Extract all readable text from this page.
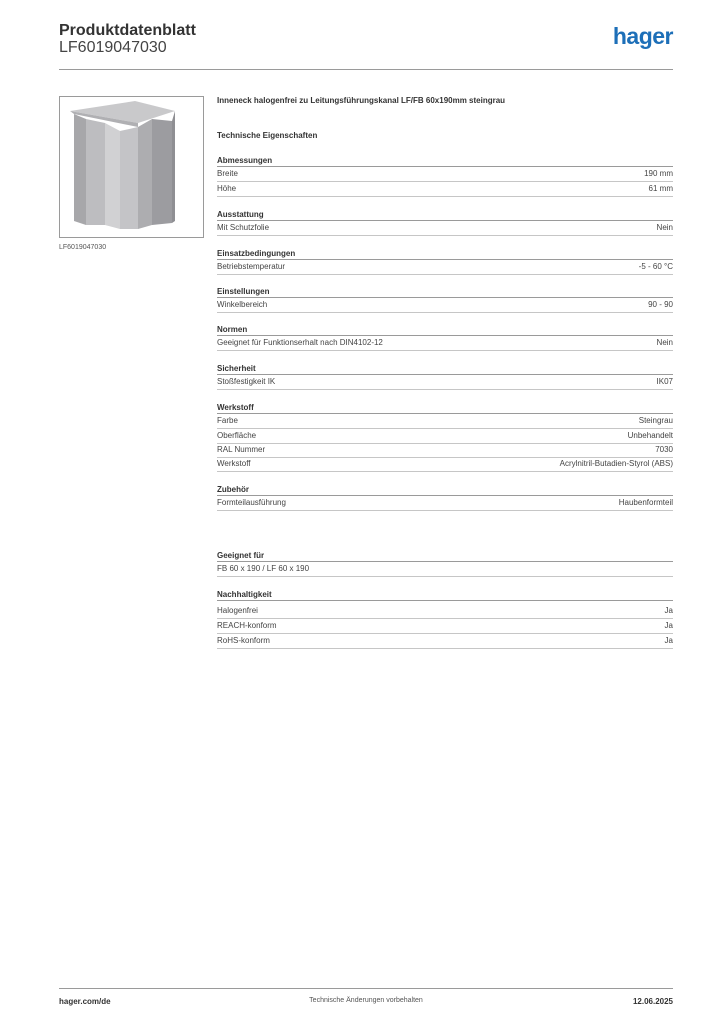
Produktdatenblatt
LF6019047030	hager
LF6019047030
Inneneck halogenfrei zu Leitungsführungskanal LF/FB 60x190mm steingrau
Technische Eigenschaften
Abmessungen
Breite	190 mm
Höhe	61 mm
Ausstattung
Mit Schutzfolie	Nein
Einsatzbedingungen
Betriebstemperatur	-5 - 60 °C
Einstellungen
Winkelbereich	90 - 90
Normen
Geeignet für Funktionserhalt nach DIN4102-12	Nein
Sicherheit
Stoßfestigkeit IK	IK07
Werkstoff
Farbe	Steingrau
Oberfläche	Unbehandelt
RAL Nummer	7030
Werkstoff	Acrylnitril-Butadien-Styrol (ABS)
Zubehör
Formteilausführung	Haubenformteil
Geeignet für
FB 60 x 190 / LF 60 x 190
Nachhaltigkeit
Halogenfrei	Ja
REACH-konform	Ja
RoHS-konform	Ja
hager.com/de	Technische Änderungen vorbehalten	12.06.2025
